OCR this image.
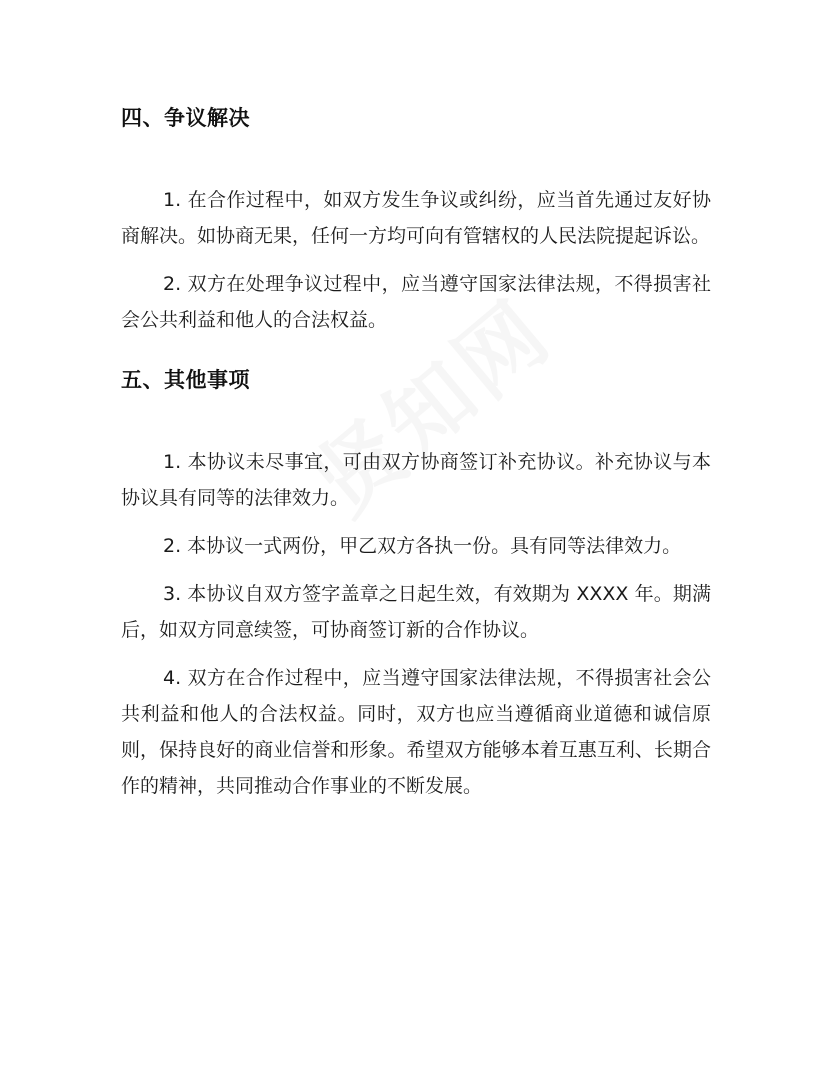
四、争议解决

1. 在合作过程中，如双方发生争议或纠纷，应当首先通过友好协商解决。如协商无果，任何一方均可向有管辖权的人民法院提起诉讼。

2. 双方在处理争议过程中，应当遵守国家法律法规，不得损害社会公共利益和他人的合法权益。

五、其他事项

1. 本协议未尽事宜，可由双方协商签订补充协议。补充协议与本协议具有同等的法律效力。

2. 本协议一式两份，甲乙双方各执一份。具有同等法律效力。

3. 本协议自双方签字盖章之日起生效，有效期为 XXXX 年。期满后，如双方同意续签，可协商签订新的合作协议。

4. 双方在合作过程中，应当遵守国家法律法规，不得损害社会公共利益和他人的合法权益。同时，双方也应当遵循商业道德和诚信原则，保持良好的商业信誉和形象。希望双方能够本着互惠互利、长期合作的精神，共同推动合作事业的不断发展。
